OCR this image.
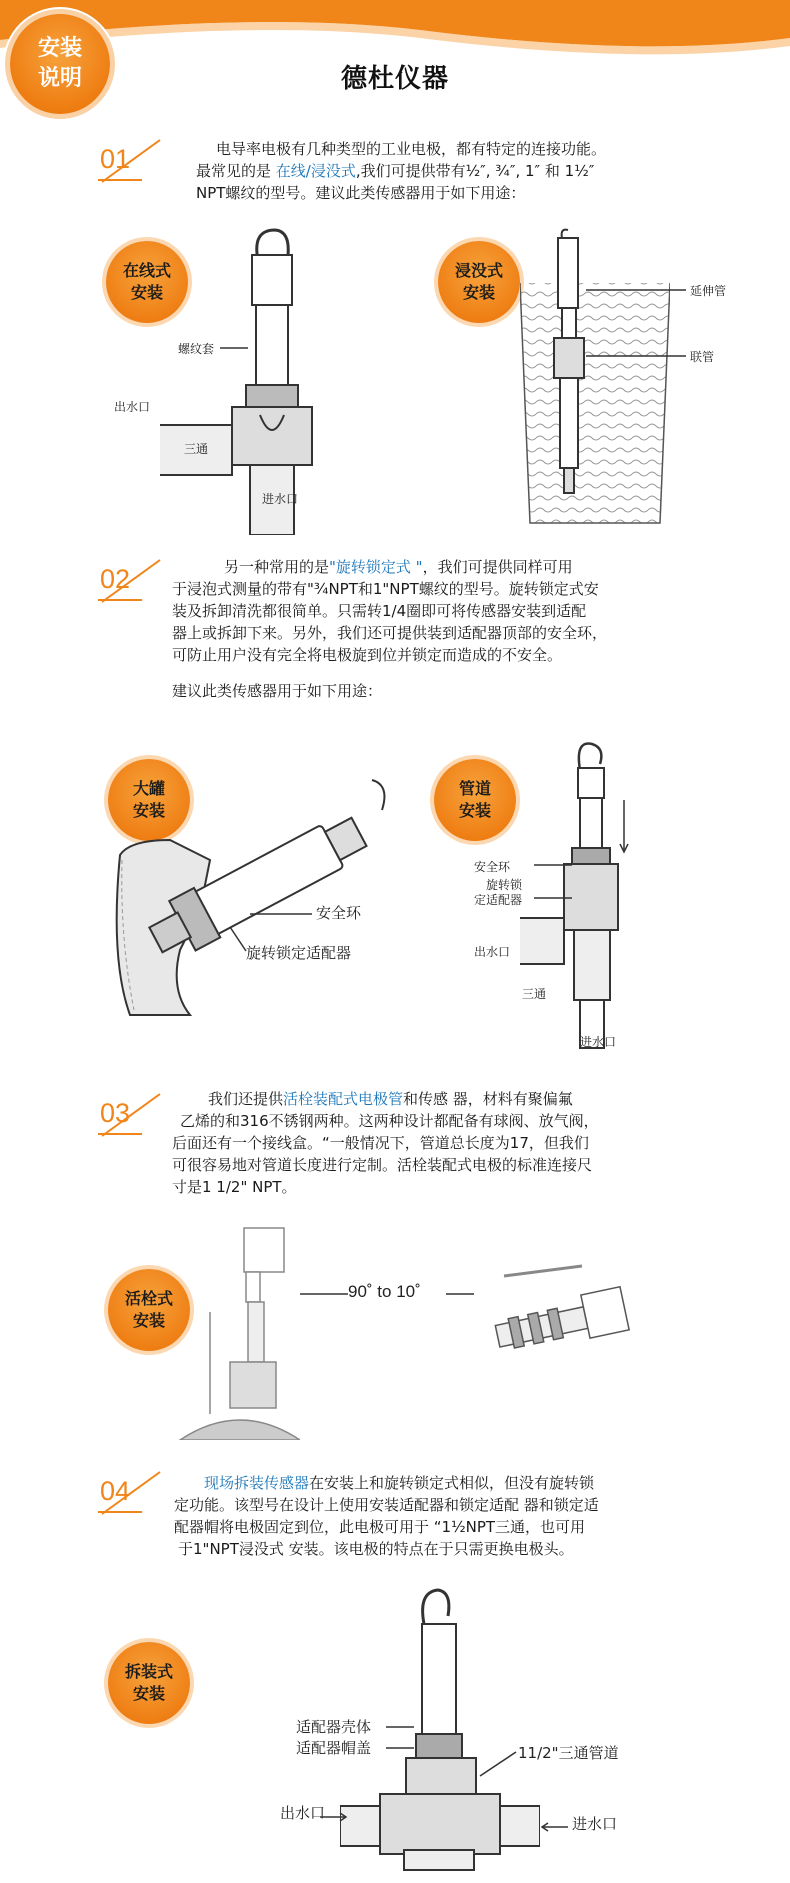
安装
说明	德杜仪器
01	电导率电极有几种类型的工业电极，都有特定的连接功能。
最常见的是 在线/浸没式,我们可提供带有½″, ¾″, 1″ 和 1½″
NPT螺纹的型号。建议此类传感器用于如下用途：
在线式
安装
螺纹套
出水口
三通
进水口
浸没式
安装	延伸管
联管
02	另一种常用的是"旋转锁定式 "，我们可提供同样可用
于浸泡式测量的带有"¾NPT和1"NPT螺纹的型号。旋转锁定式安
装及拆卸清洗都很简单。只需转1/4圈即可将传感器安装到适配
器上或拆卸下来。另外，我们还可提供装到适配器顶部的安全环，
可防止用户没有完全将电极旋到位并锁定而造成的不安全。
建议此类传感器用于如下用途：
大罐
安装
安全环
旋转锁定适配器
管道
安装
安全环
旋转锁
定适配器
出水口
三通
进水口
03	我们还提供活栓装配式电极管和传感 器，材料有聚偏氟
乙烯的和316不锈钢两种。这两种设计都配备有球阀、放气阀，
后面还有一个接线盒。“一般情况下，管道总长度为17，但我们
可很容易地对管道长度进行定制。活栓装配式电极的标准连接尺
寸是1 1/2" NPT。
活栓式
安装
90˚ to 10˚
04	现场拆装传感器在安装上和旋转锁定式相似，但没有旋转锁
定功能。该型号在设计上使用安装适配器和锁定适配 器和锁定适
配器帽将电极固定到位，此电极可用于 “1½NPT三通，也可用
于1"NPT浸没式 安装。该电极的特点在于只需更换电极头。
拆装式
安装
适配器壳体
适配器帽盖	11/2"三通管道
出水口
进水口
